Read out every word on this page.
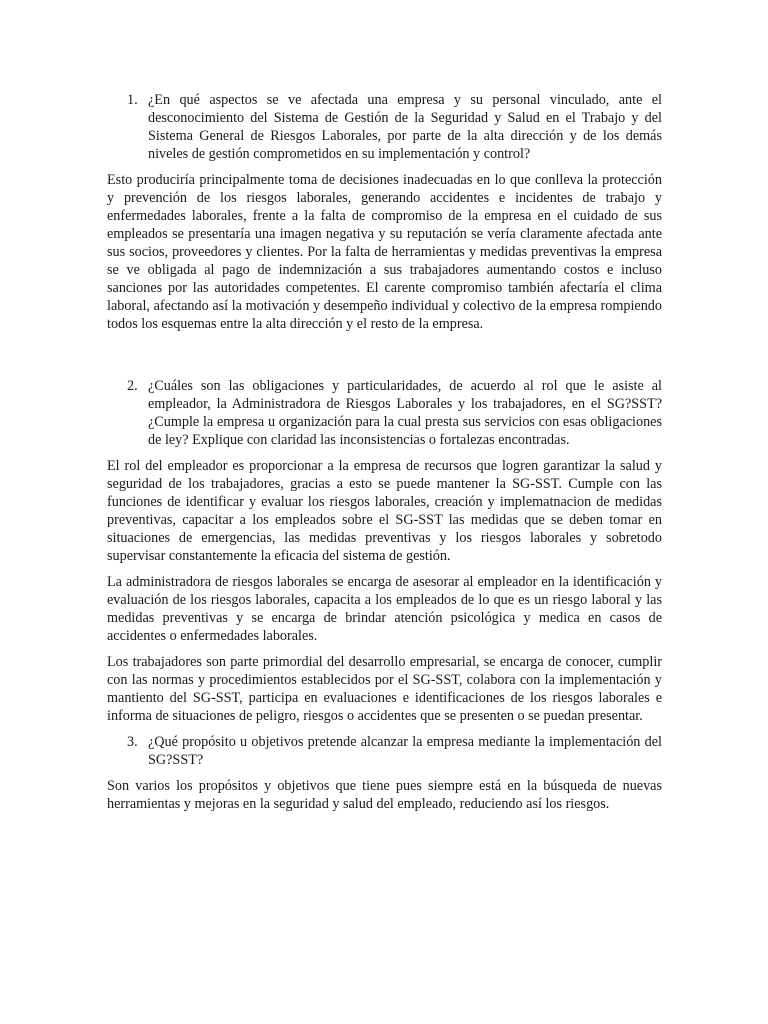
1. ¿En qué aspectos se ve afectada una empresa y su personal vinculado, ante el desconocimiento del Sistema de Gestión de la Seguridad y Salud en el Trabajo y del Sistema General de Riesgos Laborales, por parte de la alta dirección y de los demás niveles de gestión comprometidos en su implementación y control?

Esto produciría principalmente toma de decisiones inadecuadas en lo que conlleva la protección y prevención de los riesgos laborales, generando accidentes e incidentes de trabajo y enfermedades laborales, frente a la falta de compromiso de la empresa en el cuidado de sus empleados se presentaría una imagen negativa y su reputación se vería claramente afectada ante sus socios, proveedores y clientes. Por la falta de herramientas y medidas preventivas la empresa se ve obligada al pago de indemnización a sus trabajadores aumentando costos e incluso sanciones por las autoridades competentes. El carente compromiso también afectaría el clima laboral, afectando así la motivación y desempeño individual y colectivo de la empresa rompiendo todos los esquemas entre la alta dirección y el resto de la empresa.

2. ¿Cuáles son las obligaciones y particularidades, de acuerdo al rol que le asiste al empleador, la Administradora de Riesgos Laborales y los trabajadores, en el SG?SST? ¿Cumple la empresa u organización para la cual presta sus servicios con esas obligaciones de ley? Explique con claridad las inconsistencias o fortalezas encontradas.

El rol del empleador es proporcionar a la empresa de recursos que logren garantizar la salud y seguridad de los trabajadores, gracias a esto se puede mantener la SG-SST. Cumple con las funciones de identificar y evaluar los riesgos laborales, creación y implematnacion de medidas preventivas, capacitar a los empleados sobre el SG-SST las medidas que se deben tomar en situaciones de emergencias, las medidas preventivas y los riesgos laborales y sobretodo supervisar constantemente la eficacia del sistema de gestión.

La administradora de riesgos laborales se encarga de asesorar al empleador en la identificación y evaluación de los riesgos laborales, capacita a los empleados de lo que es un riesgo laboral y las medidas preventivas y se encarga de brindar atención psicológica y medica en casos de accidentes o enfermedades laborales.

Los trabajadores son parte primordial del desarrollo empresarial, se encarga de conocer, cumplir con las normas y procedimientos establecidos por el SG-SST, colabora con la implementación y mantiento del SG-SST, participa en evaluaciones e identificaciones de los riesgos laborales e informa de situaciones de peligro, riesgos o accidentes que se presenten o se puedan presentar.

3. ¿Qué propósito u objetivos pretende alcanzar la empresa mediante la implementación del SG?SST?

Son varios los propósitos y objetivos que tiene pues siempre está en la búsqueda de nuevas herramientas y mejoras en la seguridad y salud del empleado, reduciendo así los riesgos.
